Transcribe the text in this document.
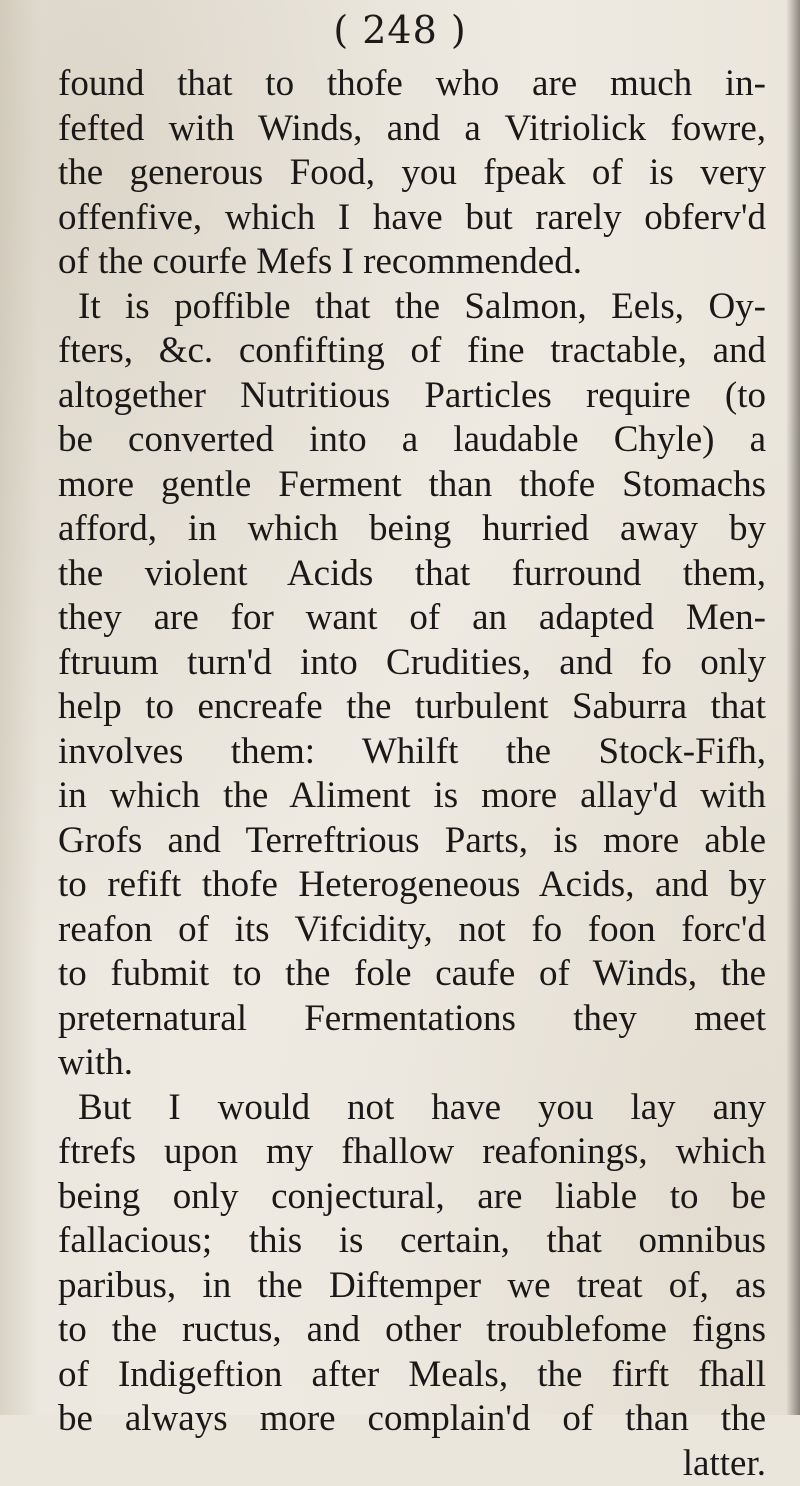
( 248 )
found that to thofe who are much in-
fefted with Winds, and a Vitriolick fowre,
the generous Food, you fpeak of is very
offenfive, which I have but rarely obferv'd
of the courfe Mefs I recommended.
It is poffible that the Salmon, Eels, Oy-
fters, &c. confifting of fine tractable, and
altogether Nutritious Particles require (to
be converted into a laudable Chyle) a
more gentle Ferment than thofe Stomachs
afford, in which being hurried away by
the violent Acids that furround them,
they are for want of an adapted Men-
ftruum turn'd into Crudities, and fo only
help to encreafe the turbulent Saburra that
involves them: Whilft the Stock-Fifh,
in which the Aliment is more allay'd with
Grofs and Terreftrious Parts, is more able
to refift thofe Heterogeneous Acids, and by
reafon of its Vifcidity, not fo foon forc'd
to fubmit to the fole caufe of Winds, the
preternatural Fermentations they meet
with.
But I would not have you lay any
ftrefs upon my fhallow reafonings, which
being only conjectural, are liable to be
fallacious; this is certain, that omnibus
paribus, in the Diftemper we treat of, as
to the ructus, and other troublefome figns
of Indigeftion after Meals, the firft fhall
be always more complain'd of than the
latter.
